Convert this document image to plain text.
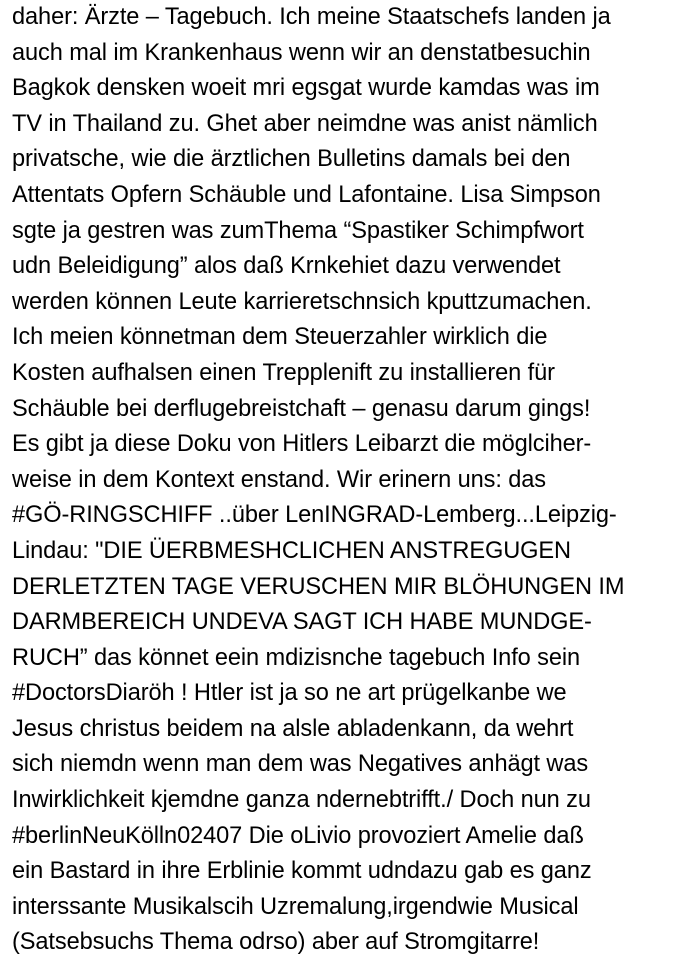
daher: Ärzte – Tagebuch. Ich meine Staatschefs landen ja
auch mal im Krankenhaus wenn wir an denstatbesuchin
Bagkok densken woeit mri egsgat wurde kamdas was im
TV in Thailand zu. Ghet aber neimdne was anist nämlich
privatsche, wie die ärztlichen Bulletins damals bei den
Attentats Opfern Schäuble und Lafontaine. Lisa Simpson
sgte ja gestren was zumThema “Spastiker Schimpfwort
udn Beleidigung” alos daß Krnkehiet dazu verwendet
werden können Leute karrieretschnsich kputtzumachen.
Ich meien könnetman dem Steuerzahler wirklich die
Kosten aufhalsen einen Trepplenift zu installieren für
Schäuble bei derflugebreistchaft – genasu darum gings!
Es gibt ja diese Doku von Hitlers Leibarzt die möglciher-
weise in dem Kontext enstand. Wir erinern uns: das
#GÖ-RINGSCHIFF ..über LenINGRAD-Lemberg...Leipzig-
Lindau: "DIE ÜERBMESHCLICHEN ANSTREGUGEN
DERLETZTEN TAGE VERUSCHEN MIR BLÖHUNGEN IM
DARMBEREICH UNDEVA SAGT ICH HABE MUNDGE-
RUCH” das könnet eein mdizisnche tagebuch Info sein
#DoctorsDiaröh ! Htler ist ja so ne art prügelkanbe we
Jesus christus beidem na alsle abladenkann, da wehrt
sich niemdn wenn man dem was Negatives anhägt was
Inwirklichkeit kjemdne ganza ndernebtrifft./ Doch nun zu
#berlinNeuKölln02407 Die oLivio provoziert Amelie daß
ein Bastard in ihre Erblinie kommt udndazu gab es ganz
interssante Musikalscih Uzremalung,irgendwie Musical
(Satsebsuchs Thema odrso) aber auf Stromgitarre!
